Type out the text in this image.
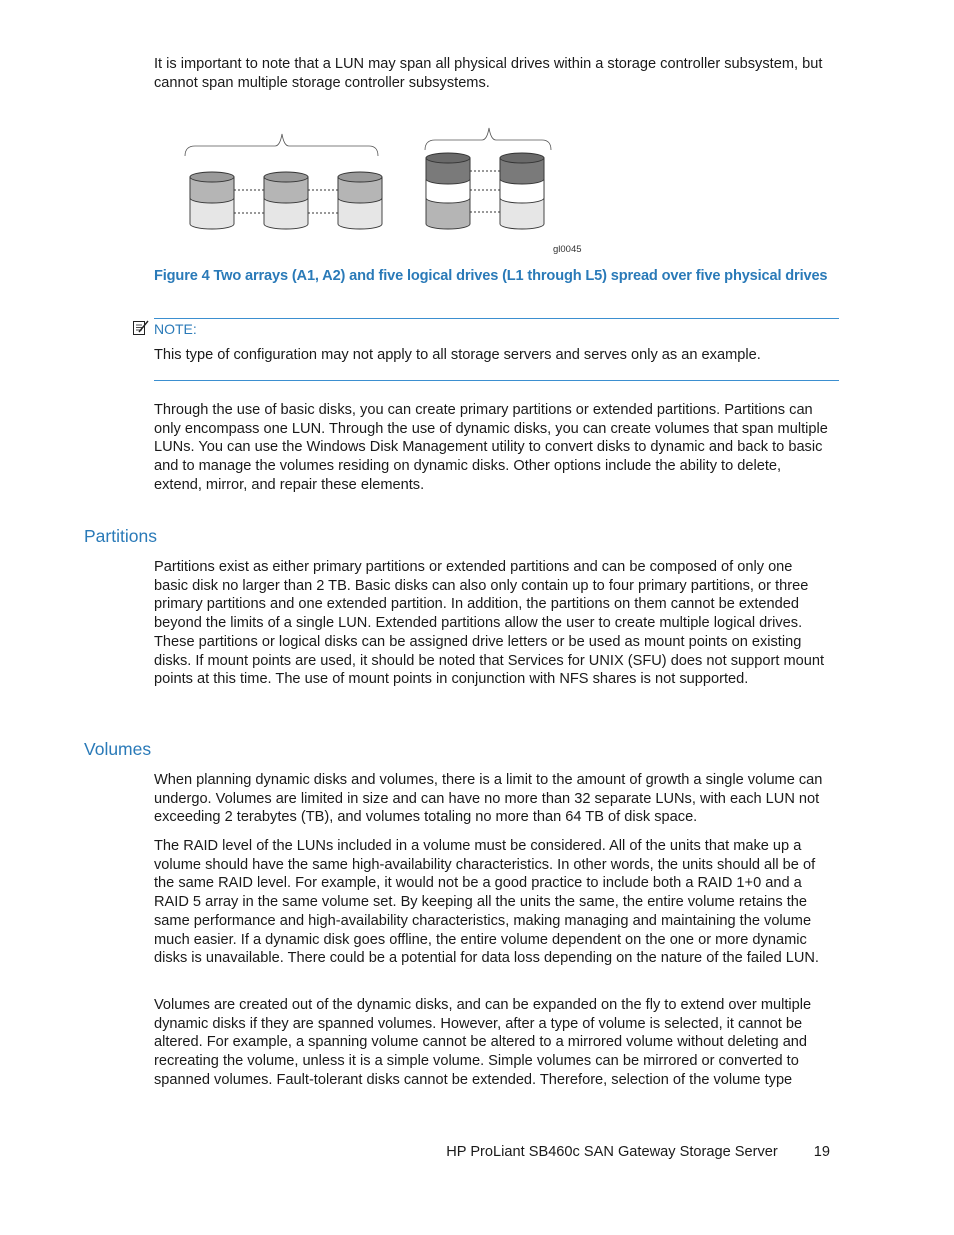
It is important to note that a LUN may span all physical drives within a storage controller subsystem, but cannot span multiple storage controller subsystems.

gl0045

Figure 4 Two arrays (A1, A2) and five logical drives (L1 through L5) spread over five physical drives

NOTE:

This type of configuration may not apply to all storage servers and serves only as an example.

Through the use of basic disks, you can create primary partitions or extended partitions. Partitions can only encompass one LUN. Through the use of dynamic disks, you can create volumes that span multiple LUNs. You can use the Windows Disk Management utility to convert disks to dynamic and back to basic and to manage the volumes residing on dynamic disks. Other options include the ability to delete, extend, mirror, and repair these elements.

Partitions

Partitions exist as either primary partitions or extended partitions and can be composed of only one basic disk no larger than 2 TB. Basic disks can also only contain up to four primary partitions, or three primary partitions and one extended partition. In addition, the partitions on them cannot be extended beyond the limits of a single LUN. Extended partitions allow the user to create multiple logical drives. These partitions or logical disks can be assigned drive letters or be used as mount points on existing disks. If mount points are used, it should be noted that Services for UNIX (SFU) does not support mount points at this time. The use of mount points in conjunction with NFS shares is not supported.

Volumes

When planning dynamic disks and volumes, there is a limit to the amount of growth a single volume can undergo. Volumes are limited in size and can have no more than 32 separate LUNs, with each LUN not exceeding 2 terabytes (TB), and volumes totaling no more than 64 TB of disk space.

The RAID level of the LUNs included in a volume must be considered. All of the units that make up a volume should have the same high-availability characteristics. In other words, the units should all be of the same RAID level. For example, it would not be a good practice to include both a RAID 1+0 and a RAID 5 array in the same volume set. By keeping all the units the same, the entire volume retains the same performance and high-availability characteristics, making managing and maintaining the volume much easier. If a dynamic disk goes offline, the entire volume dependent on the one or more dynamic disks is unavailable. There could be a potential for data loss depending on the nature of the failed LUN.

Volumes are created out of the dynamic disks, and can be expanded on the fly to extend over multiple dynamic disks if they are spanned volumes. However, after a type of volume is selected, it cannot be altered. For example, a spanning volume cannot be altered to a mirrored volume without deleting and recreating the volume, unless it is a simple volume. Simple volumes can be mirrored or converted to spanned volumes. Fault-tolerant disks cannot be extended. Therefore, selection of the volume type

HP ProLiant SB460c SAN Gateway Storage Server 19
